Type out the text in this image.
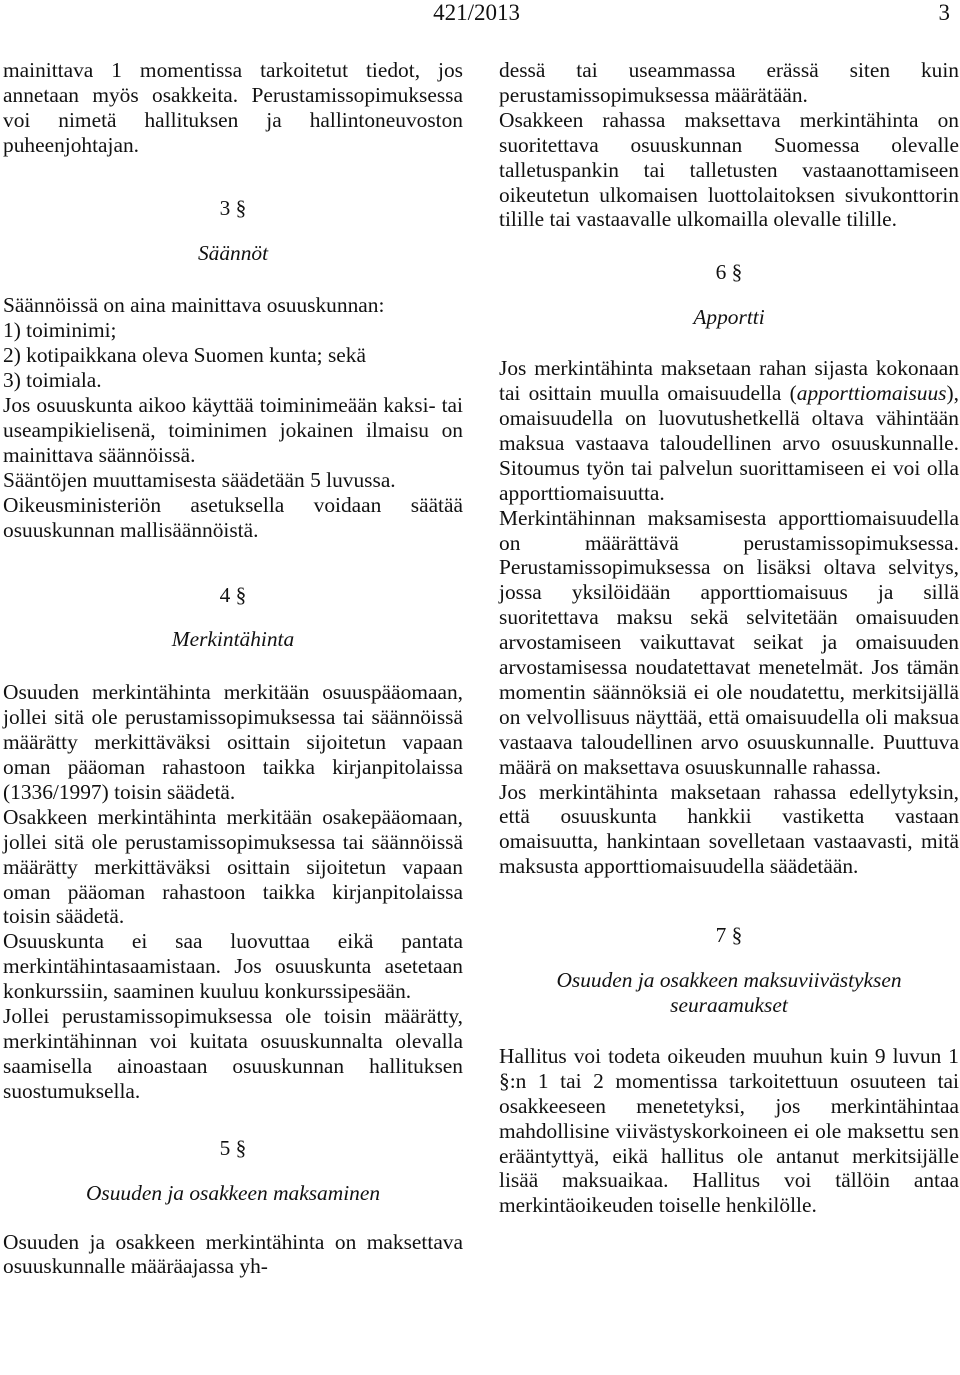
421/2013	3

mainittava 1 momentissa tarkoitetut tiedot, jos annetaan myös osakkeita. Perustamissopimuksessa voi nimetä hallituksen ja hallintoneuvoston puheenjohtajan.

3 §
Säännöt

Säännöissä on aina mainittava osuuskunnan:

1) toiminimi;

2) kotipaikkana oleva Suomen kunta; sekä

3) toimiala.

Jos osuuskunta aikoo käyttää toiminimeään kaksi- tai useampikielisenä, toiminimen jokainen ilmaisu on mainittava säännöissä.

Sääntöjen muuttamisesta säädetään 5 luvussa.

Oikeusministeriön asetuksella voidaan säätää osuuskunnan mallisäännöistä.

4 §
Merkintähinta

Osuuden merkintähinta merkitään osuuspääomaan, jollei sitä ole perustamissopimuksessa tai säännöissä määrätty merkittäväksi osittain sijoitetun vapaan oman pääoman rahastoon taikka kirjanpitolaissa (1336/1997) toisin säädetä.

Osakkeen merkintähinta merkitään osakepääomaan, jollei sitä ole perustamissopimuksessa tai säännöissä määrätty merkittäväksi osittain sijoitetun vapaan oman pääoman rahastoon taikka kirjanpitolaissa toisin säädetä.

Osuuskunta ei saa luovuttaa eikä pantata merkintähintasaamistaan. Jos osuuskunta asetetaan konkurssiin, saaminen kuuluu konkurssipesään.

Jollei perustamissopimuksessa ole toisin määrätty, merkintähinnan voi kuitata osuuskunnalta olevalla saamisella ainoastaan osuuskunnan hallituksen suostumuksella.

5 §
Osuuden ja osakkeen maksaminen

Osuuden ja osakkeen merkintähinta on maksettava osuuskunnalle määräajassa yh-

dessä tai useammassa erässä siten kuin perustamissopimuksessa määrätään.

Osakkeen rahassa maksettava merkintähinta on suoritettava osuuskunnan Suomessa olevalle talletuspankin tai talletusten vastaanottamiseen oikeutetun ulkomaisen luottolaitoksen sivukonttorin tilille tai vastaavalle ulkomailla olevalle tilille.

6 §
Apportti

Jos merkintähinta maksetaan rahan sijasta kokonaan tai osittain muulla omaisuudella (apporttiomaisuus), omaisuudella on luovutushetkellä oltava vähintään maksua vastaava taloudellinen arvo osuuskunnalle. Sitoumus työn tai palvelun suorittamiseen ei voi olla apporttiomaisuutta.

Merkintähinnan maksamisesta apporttiomaisuudella on määrättävä perustamissopimuksessa. Perustamissopimuksessa on lisäksi oltava selvitys, jossa yksilöidään apporttiomaisuus ja sillä suoritettava maksu sekä selvitetään omaisuuden arvostamiseen vaikuttavat seikat ja omaisuuden arvostamisessa noudatettavat menetelmät. Jos tämän momentin säännöksiä ei ole noudatettu, merkitsijällä on velvollisuus näyttää, että omaisuudella oli maksua vastaava taloudellinen arvo osuuskunnalle. Puuttuva määrä on maksettava osuuskunnalle rahassa.

Jos merkintähinta maksetaan rahassa edellytyksin, että osuuskunta hankkii vastiketta vastaan omaisuutta, hankintaan sovelletaan vastaavasti, mitä maksusta apporttiomaisuudella säädetään.

7 §
Osuuden ja osakkeen maksuviivästyksen seuraamukset

Hallitus voi todeta oikeuden muuhun kuin 9 luvun 1 §:n 1 tai 2 momentissa tarkoitettuun osuuteen tai osakkeeseen menetetyksi, jos merkintähintaa mahdollisine viivästyskorkoineen ei ole maksettu sen erääntyttyä, eikä hallitus ole antanut merkitsijälle lisää maksuaikaa. Hallitus voi tällöin antaa merkintäoikeuden toiselle henkilölle.
